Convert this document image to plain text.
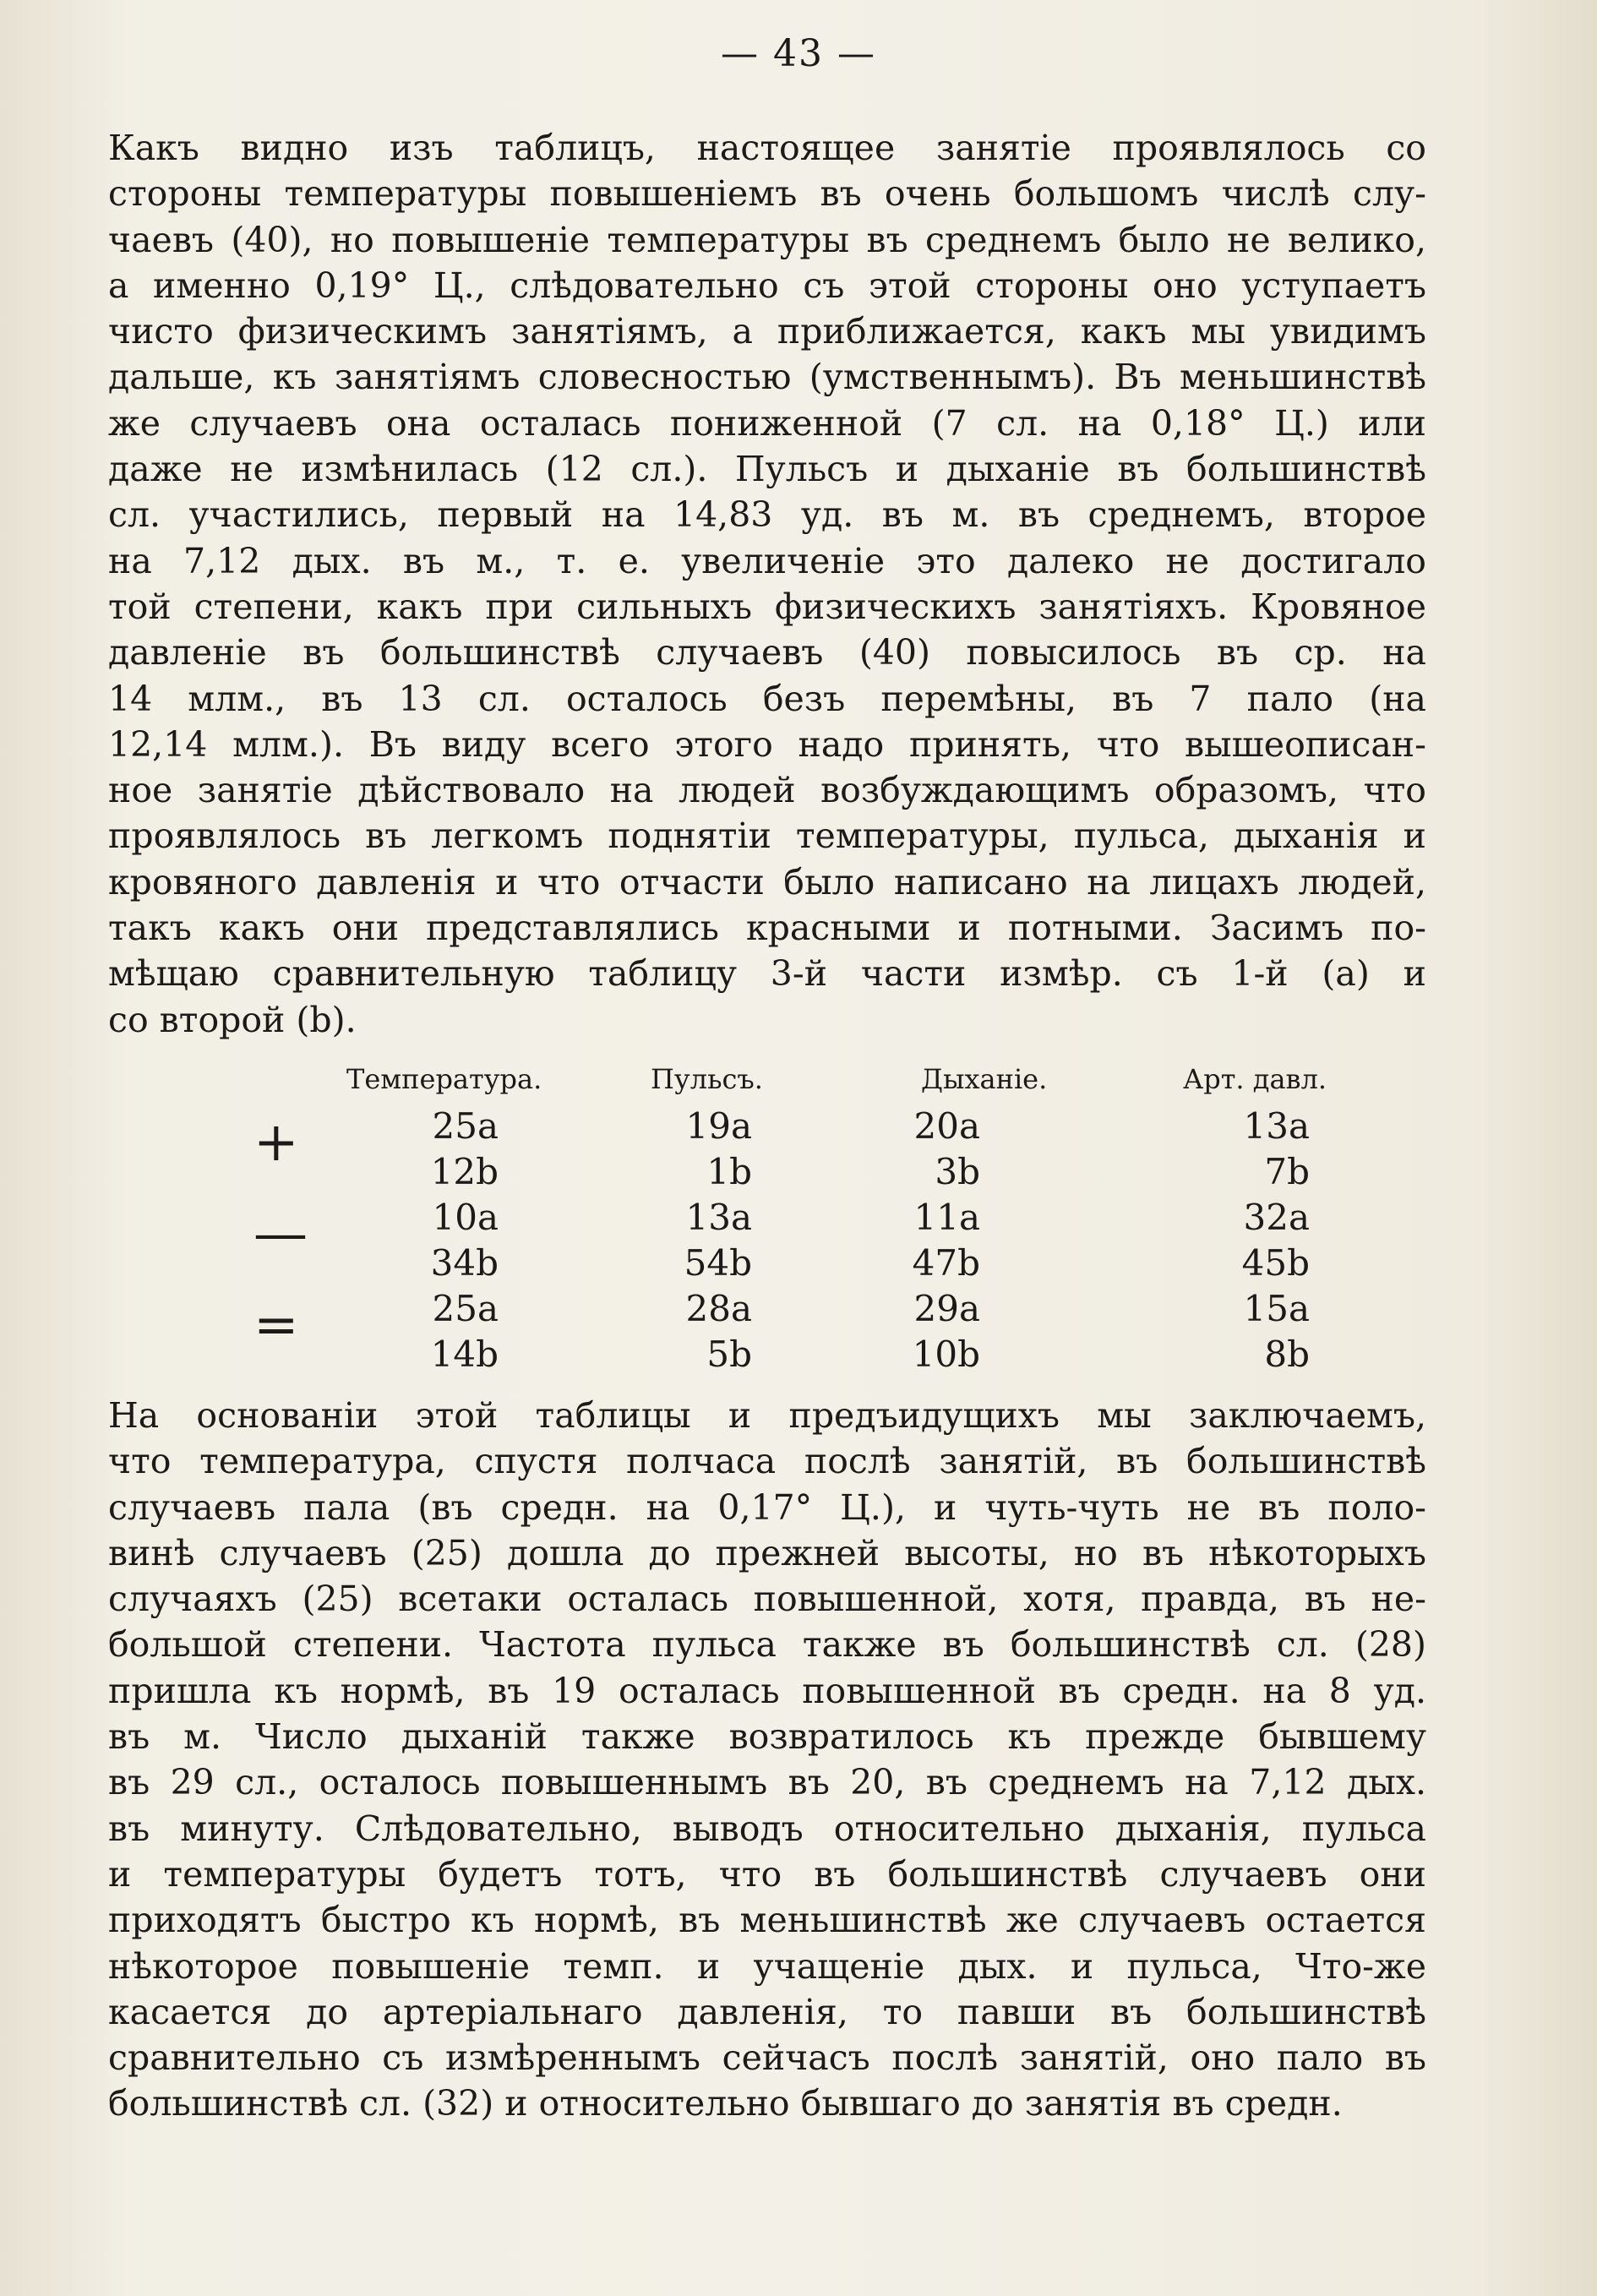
— 43 —
Какъ видно изъ таблицъ, настоящее занятіе проявлялось со
стороны температуры повышеніемъ въ очень большомъ числѣ слу-
чаевъ (40), но повышеніе температуры въ среднемъ было не велико,
а именно 0,19° Ц., слѣдовательно съ этой стороны оно уступаетъ
чисто физическимъ занятіямъ, а приближается, какъ мы увидимъ
дальше, къ занятіямъ словесностью (умственнымъ). Въ меньшинствѣ
же случаевъ она осталась пониженной (7 сл. на 0,18° Ц.) или
даже не измѣнилась (12 сл.). Пульсъ и дыханіе въ большинствѣ
сл. участились, первый на 14,83 уд. въ м. въ среднемъ, второе
на 7,12 дых. въ м., т. е. увеличеніе это далеко не достигало
той степени, какъ при сильныхъ физическихъ занятіяхъ. Кровяное
давленіе въ большинствѣ случаевъ (40) повысилось въ ср. на
14 млм., въ 13 сл. осталось безъ перемѣны, въ 7 пало (на
12,14 млм.). Въ виду всего этого надо принять, что вышеописан-
ное занятіе дѣйствовало на людей возбуждающимъ образомъ, что
проявлялось въ легкомъ поднятіи температуры, пульса, дыханія и
кровяного давленія и что отчасти было написано на лицахъ людей,
такъ какъ они представлялись красными и потными. Засимъ по-
мѣщаю сравнительную таблицу 3-й части измѣр. съ 1-й (а) и
со второй (b).
Температура.	Пульсъ.	Дыханіе.	Арт. давл.
+	25a	19a	20a	13a
12b	1b	3b	7b
—	10a	13a	11a	32a
34b	54b	47b	45b
=	25a	28a	29a	15a
14b	5b	10b	8b
На основаніи этой таблицы и предъидущихъ мы заключаемъ,
что температура, спустя полчаса послѣ занятій, въ большинствѣ
случаевъ пала (въ средн. на 0,17° Ц.), и чуть-чуть не въ поло-
винѣ случаевъ (25) дошла до прежней высоты, но въ нѣкоторыхъ
случаяхъ (25) всетаки осталась повышенной, хотя, правда, въ не-
большой степени. Частота пульса также въ большинствѣ сл. (28)
пришла къ нормѣ, въ 19 осталась повышенной въ средн. на 8 уд.
въ м. Число дыханій также возвратилось къ прежде бывшему
въ 29 сл., осталось повышеннымъ въ 20, въ среднемъ на 7,12 дых.
въ минуту. Слѣдовательно, выводъ относительно дыханія, пульса
и температуры будетъ тотъ, что въ большинствѣ случаевъ они
приходятъ быстро къ нормѣ, въ меньшинствѣ же случаевъ остается
нѣкоторое повышеніе темп. и учащеніе дых. и пульса, Что-же
касается до артеріальнаго давленія, то павши въ большинствѣ
сравнительно съ измѣреннымъ сейчасъ послѣ занятій, оно пало въ
большинствѣ сл. (32) и относительно бывшаго до занятія въ средн.
